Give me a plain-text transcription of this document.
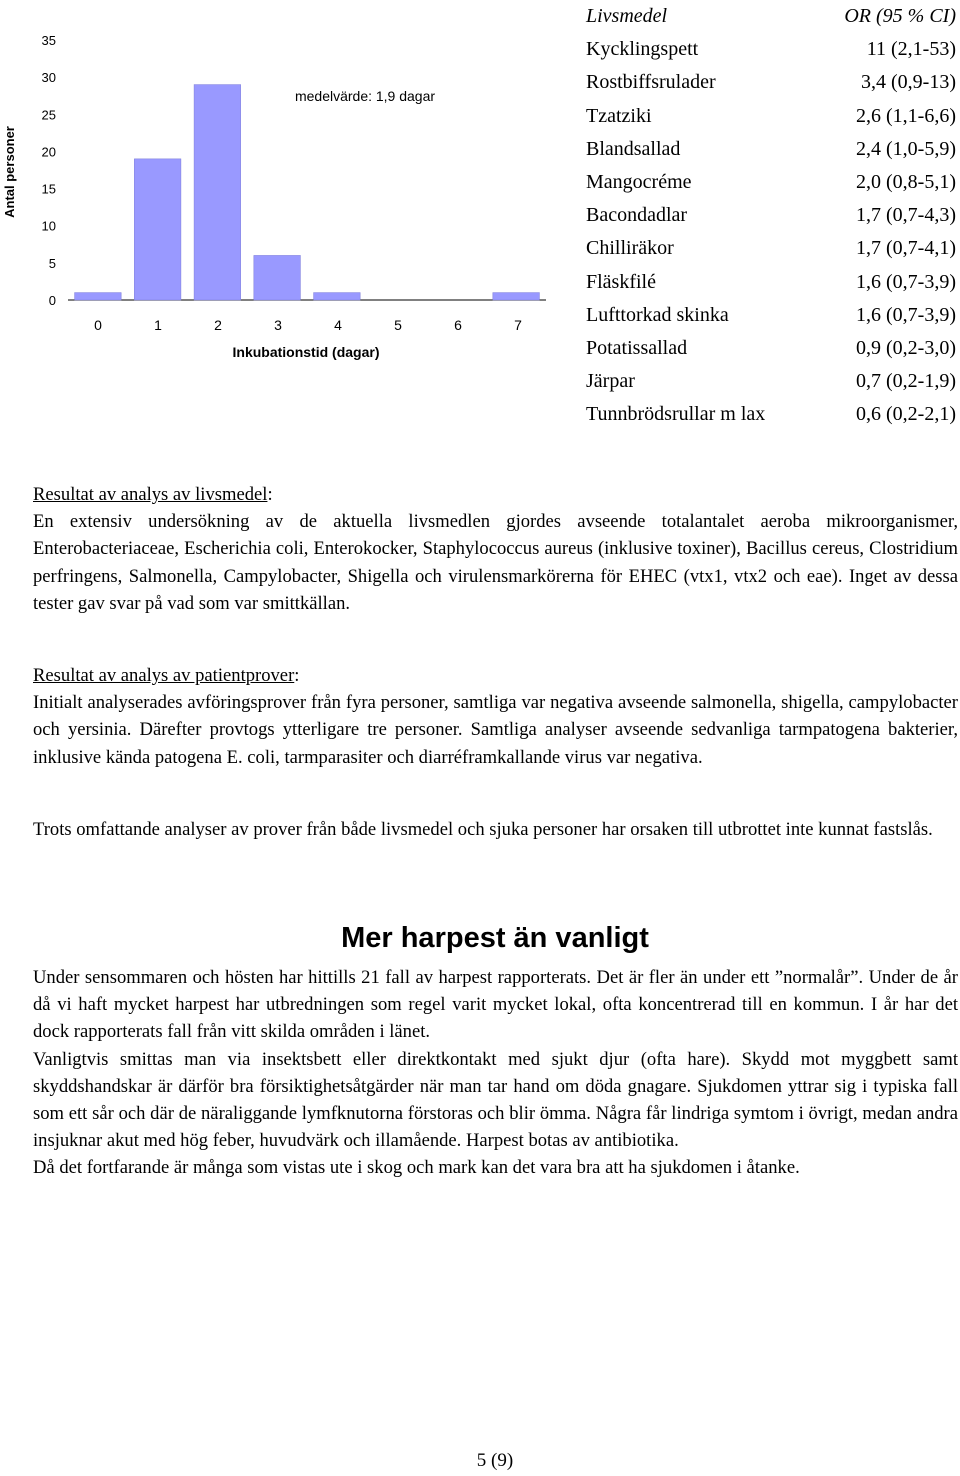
Antal personer
0
5
10
15
20
25
30
35
0	1	2	3	4	5	6	7
medelvärde: 1,9 dagar
Inkubationstid (dagar)
Livsmedel	OR (95 % CI)
Kycklingspett	11 (2,1-53)
Rostbiffsrulader	3,4 (0,9-13)
Tzatziki	2,6 (1,1-6,6)
Blandsallad	2,4 (1,0-5,9)
Mangocréme	2,0 (0,8-5,1)
Bacondadlar	1,7 (0,7-4,3)
Chilliräkor	1,7 (0,7-4,1)
Fläskfilé	1,6 (0,7-3,9)
Lufttorkad skinka	1,6 (0,7-3,9)
Potatissallad	0,9 (0,2-3,0)
Järpar	0,7 (0,2-1,9)
Tunnbrödsrullar m lax	0,6 (0,2-2,1)

Resultat av analys av livsmedel:

En extensiv undersökning av de aktuella livsmedlen gjordes avseende totalantalet aeroba mikroorganismer, Enterobacteriaceae, Escherichia coli, Enterokocker, Staphylococcus aureus (inklusive toxiner), Bacillus cereus, Clostridium perfringens, Salmonella, Campylobacter, Shigella och virulensmarkörerna för EHEC (vtx1, vtx2 och eae). Inget av dessa tester gav svar på vad som var smittkällan.

Resultat av analys av patientprover:

Initialt analyserades avföringsprover från fyra personer, samtliga var negativa avseende salmonella, shigella, campylobacter och yersinia. Därefter provtogs ytterligare tre personer. Samtliga analyser avseende sedvanliga tarmpatogena bakterier, inklusive kända patogena E. coli, tarmparasiter och diarréframkallande virus var negativa.

Trots omfattande analyser av prover från både livsmedel och sjuka personer har orsaken till utbrottet inte kunnat fastslås.

Mer harpest än vanligt

Under sensommaren och hösten har hittills 21 fall av harpest rapporterats. Det är fler än under ett ”normalår”. Under de år då vi haft mycket harpest har utbredningen som regel varit mycket lokal, ofta koncentrerad till en kommun. I år har det dock rapporterats fall från vitt skilda områden i länet.

Vanligtvis smittas man via insektsbett eller direktkontakt med sjukt djur (ofta hare). Skydd mot myggbett samt skyddshandskar är därför bra försiktighetsåtgärder när man tar hand om döda gnagare. Sjukdomen yttrar sig i typiska fall som ett sår och där de näraliggande lymfknutorna förstoras och blir ömma. Några får lindriga symtom i övrigt, medan andra insjuknar akut med hög feber, huvudvärk och illamående. Harpest botas av antibiotika.

Då det fortfarande är många som vistas ute i skog och mark kan det vara bra att ha sjukdomen i åtanke.

5 (9)
